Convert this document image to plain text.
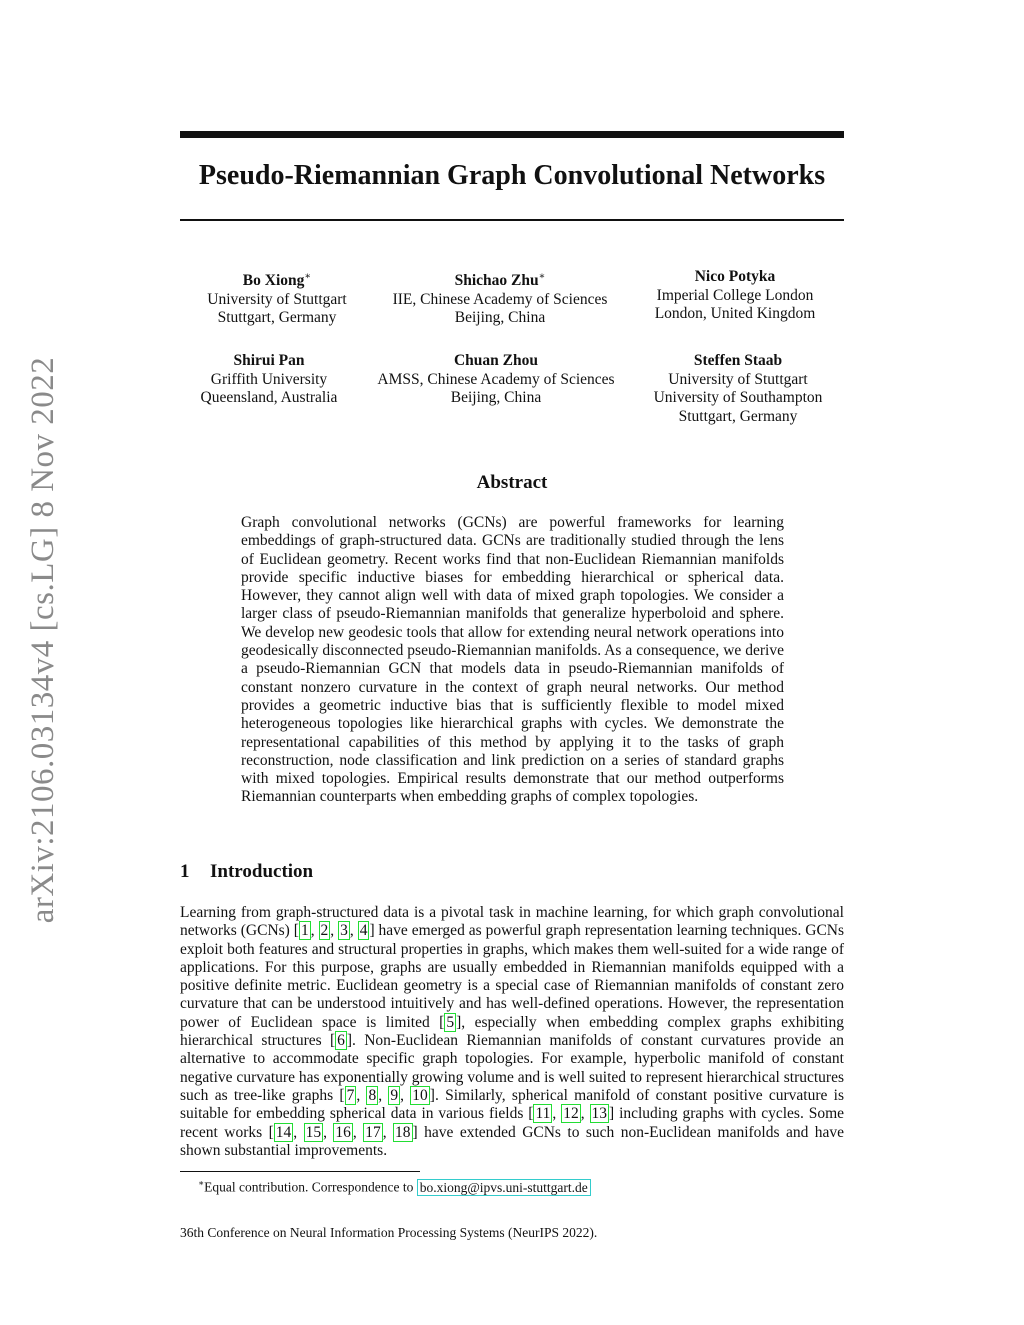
arXiv:2106.03134v4 [cs.LG] 8 Nov 2022
Pseudo-Riemannian Graph Convolutional Networks
Bo Xiong∗
University of Stuttgart
Stuttgart, Germany
Shichao Zhu∗
IIE, Chinese Academy of Sciences
Beijing, China
Nico Potyka
Imperial College London
London, United Kingdom
Shirui Pan
Griffith University
Queensland, Australia
Chuan Zhou
AMSS, Chinese Academy of Sciences
Beijing, China
Steffen Staab
University of Stuttgart
University of Southampton
Stuttgart, Germany
Abstract

Graph convolutional networks (GCNs) are powerful frameworks for learning embeddings of graph-structured data. GCNs are traditionally studied through the lens of Euclidean geometry. Recent works find that non-Euclidean Riemannian manifolds provide specific inductive biases for embedding hierarchical or spherical data. However, they cannot align well with data of mixed graph topologies. We consider a larger class of pseudo-Riemannian manifolds that generalize hyperboloid and sphere. We develop new geodesic tools that allow for extending neural network operations into geodesically disconnected pseudo-Riemannian manifolds. As a consequence, we derive a pseudo-Riemannian GCN that models data in pseudo-Riemannian manifolds of constant nonzero curvature in the context of graph neural networks. Our method provides a geometric inductive bias that is sufficiently flexible to model mixed heterogeneous topologies like hierarchical graphs with cycles. We demonstrate the representational capabilities of this method by applying it to the tasks of graph reconstruction, node classification and link prediction on a series of standard graphs with mixed topologies. Empirical results demonstrate that our method outperforms Riemannian counterparts when embedding graphs of complex topologies.

1 Introduction

Learning from graph-structured data is a pivotal task in machine learning, for which graph convolutional networks (GCNs) [ 1 , 2 , 3 , 4 ] have emerged as powerful graph representation learning techniques. GCNs exploit both features and structural properties in graphs, which makes them well-suited for a wide range of applications. For this purpose, graphs are usually embedded in Riemannian manifolds equipped with a positive definite metric. Euclidean geometry is a special case of Riemannian manifolds of constant zero curvature that can be understood intuitively and has well-defined operations. However, the representation power of Euclidean space is limited [ 5 ], especially when embedding complex graphs exhibiting hierarchical structures [ 6 ]. Non-Euclidean Riemannian manifolds of constant curvatures provide an alternative to accommodate specific graph topologies. For example, hyperbolic manifold of constant negative curvature has exponentially growing volume and is well suited to represent hierarchical structures such as tree-like graphs [ 7 , 8 , 9 , 10 ]. Similarly, spherical manifold of constant positive curvature is suitable for embedding spherical data in various fields [ 11 , 12 , 13 ] including graphs with cycles. Some recent works [ 14 , 15 , 16 , 17 , 18 ] have extended GCNs to such non-Euclidean manifolds and have shown substantial improvements.

∗Equal contribution. Correspondence to bo.xiong@ipvs.uni-stuttgart.de
36th Conference on Neural Information Processing Systems (NeurIPS 2022).
